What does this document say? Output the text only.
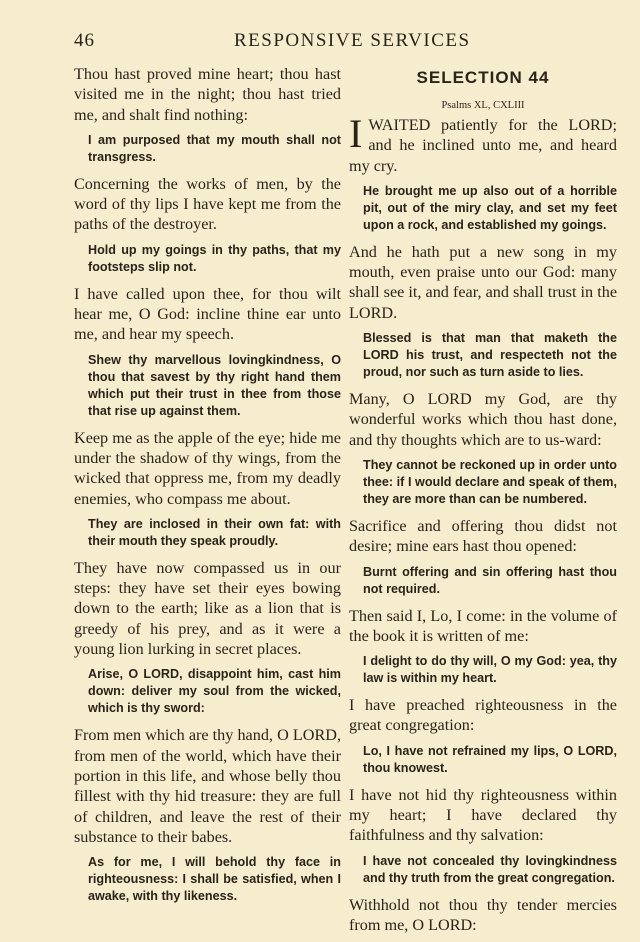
46	RESPONSIVE SERVICES

Thou hast proved mine heart; thou hast visited me in the night; thou hast tried me, and shalt find nothing:

I am purposed that my mouth shall not transgress.

Concerning the works of men, by the word of thy lips I have kept me from the paths of the destroyer.

Hold up my goings in thy paths, that my footsteps slip not.

I have called upon thee, for thou wilt hear me, O God: incline thine ear unto me, and hear my speech.

Shew thy marvellous lovingkindness, O thou that savest by thy right hand them which put their trust in thee from those that rise up against them.

Keep me as the apple of the eye; hide me under the shadow of thy wings, from the wicked that oppress me, from my deadly enemies, who compass me about.

They are inclosed in their own fat: with their mouth they speak proudly.

They have now compassed us in our steps: they have set their eyes bowing down to the earth; like as a lion that is greedy of his prey, and as it were a young lion lurking in secret places.

Arise, O LORD, disappoint him, cast him down: deliver my soul from the wicked, which is thy sword:

From men which are thy hand, O LORD, from men of the world, which have their portion in this life, and whose belly thou fillest with thy hid treasure: they are full of children, and leave the rest of their substance to their babes.

As for me, I will behold thy face in righteousness: I shall be satisfied, when I awake, with thy likeness.

SELECTION 44
Psalms XL, CXLIII

I WAITED patiently for the LORD; and he inclined unto me, and heard my cry.

He brought me up also out of a horrible pit, out of the miry clay, and set my feet upon a rock, and established my goings.

And he hath put a new song in my mouth, even praise unto our God: many shall see it, and fear, and shall trust in the LORD.

Blessed is that man that maketh the LORD his trust, and respecteth not the proud, nor such as turn aside to lies.

Many, O LORD my God, are thy wonderful works which thou hast done, and thy thoughts which are to us-ward:

They cannot be reckoned up in order unto thee: if I would declare and speak of them, they are more than can be numbered.

Sacrifice and offering thou didst not desire; mine ears hast thou opened:

Burnt offering and sin offering hast thou not required.

Then said I, Lo, I come: in the volume of the book it is written of me:

I delight to do thy will, O my God: yea, thy law is within my heart.

I have preached righteousness in the great congregation:

Lo, I have not refrained my lips, O LORD, thou knowest.

I have not hid thy righteousness within my heart; I have declared thy faithfulness and thy salvation:

I have not concealed thy lovingkindness and thy truth from the great congregation.

Withhold not thou thy tender mercies from me, O LORD:
